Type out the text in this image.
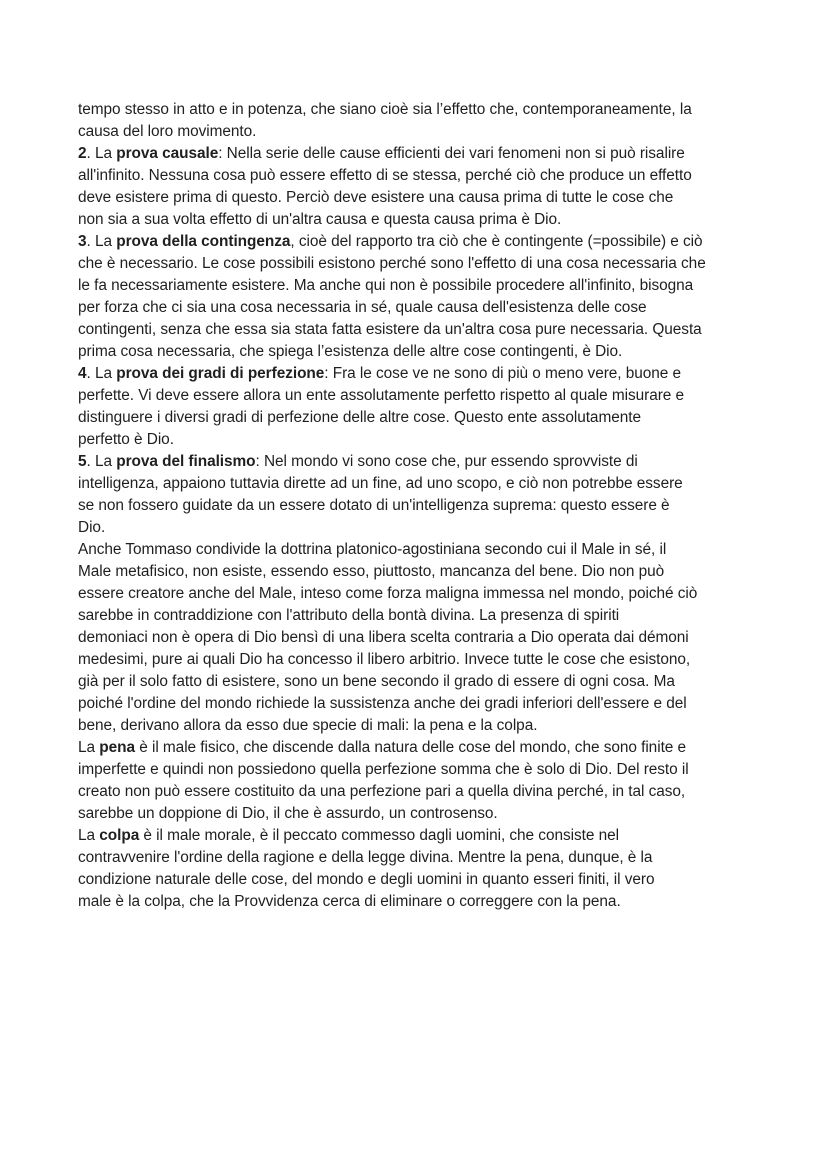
tempo stesso in atto e in potenza, che siano cioè sia l’effetto che, contemporaneamente, la
causa del loro movimento.
2. La prova causale: Nella serie delle cause efficienti dei vari fenomeni non si può risalire
all'infinito. Nessuna cosa può essere effetto di se stessa, perché ciò che produce un effetto
deve esistere prima di questo. Perciò deve esistere una causa prima di tutte le cose che
non sia a sua volta effetto di un'altra causa e questa causa prima è Dio.
3. La prova della contingenza, cioè del rapporto tra ciò che è contingente (=possibile) e ciò
che è necessario. Le cose possibili esistono perché sono l'effetto di una cosa necessaria che
le fa necessariamente esistere. Ma anche qui non è possibile procedere all'infinito, bisogna
per forza che ci sia una cosa necessaria in sé, quale causa dell'esistenza delle cose
contingenti, senza che essa sia stata fatta esistere da un'altra cosa pure necessaria. Questa
prima cosa necessaria, che spiega l’esistenza delle altre cose contingenti, è Dio.
4. La prova dei gradi di perfezione: Fra le cose ve ne sono di più o meno vere, buone e
perfette. Vi deve essere allora un ente assolutamente perfetto rispetto al quale misurare e
distinguere i diversi gradi di perfezione delle altre cose. Questo ente assolutamente
perfetto è Dio.
5. La prova del finalismo: Nel mondo vi sono cose che, pur essendo sprovviste di
intelligenza, appaiono tuttavia dirette ad un fine, ad uno scopo, e ciò non potrebbe essere
se non fossero guidate da un essere dotato di un'intelligenza suprema: questo essere è
Dio.
Anche Tommaso condivide la dottrina platonico-agostiniana secondo cui il Male in sé, il
Male metafisico, non esiste, essendo esso, piuttosto, mancanza del bene. Dio non può
essere creatore anche del Male, inteso come forza maligna immessa nel mondo, poiché ciò
sarebbe in contraddizione con l'attributo della bontà divina. La presenza di spiriti
demoniaci non è opera di Dio bensì di una libera scelta contraria a Dio operata dai démoni
medesimi, pure ai quali Dio ha concesso il libero arbitrio. Invece tutte le cose che esistono,
già per il solo fatto di esistere, sono un bene secondo il grado di essere di ogni cosa. Ma
poiché l'ordine del mondo richiede la sussistenza anche dei gradi inferiori dell'essere e del
bene, derivano allora da esso due specie di mali: la pena e la colpa.
La pena è il male fisico, che discende dalla natura delle cose del mondo, che sono finite e
imperfette e quindi non possiedono quella perfezione somma che è solo di Dio. Del resto il
creato non può essere costituito da una perfezione pari a quella divina perché, in tal caso,
sarebbe un doppione di Dio, il che è assurdo, un controsenso.
La colpa è il male morale, è il peccato commesso dagli uomini, che consiste nel
contravvenire l'ordine della ragione e della legge divina. Mentre la pena, dunque, è la
condizione naturale delle cose, del mondo e degli uomini in quanto esseri finiti, il vero
male è la colpa, che la Provvidenza cerca di eliminare o correggere con la pena.
